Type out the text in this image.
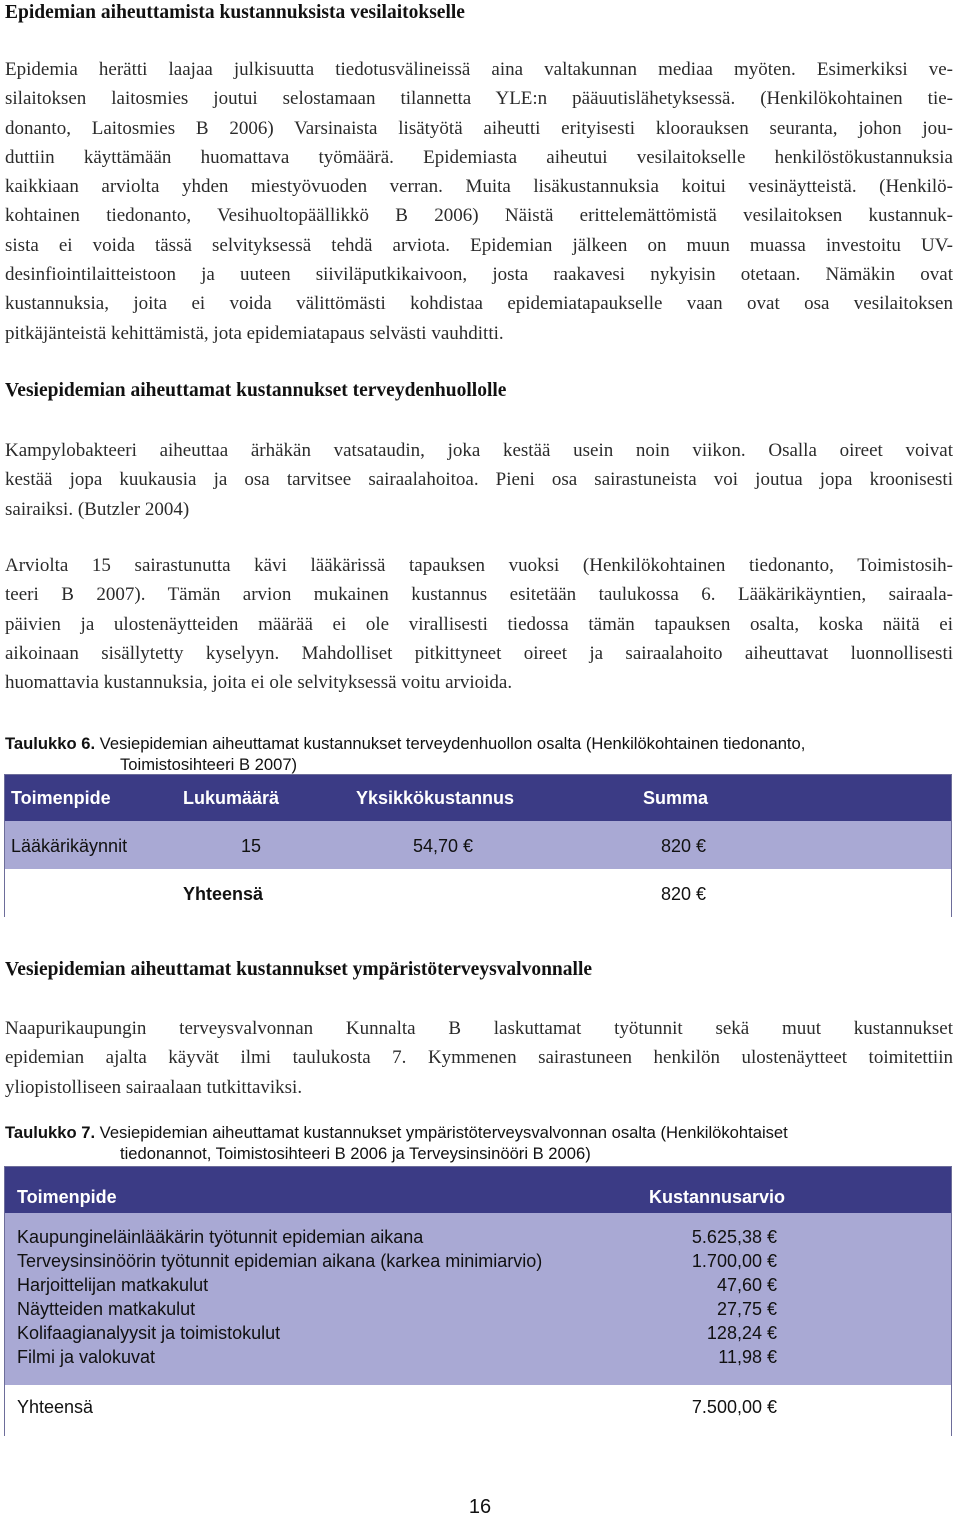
Epidemian aiheuttamista kustannuksista vesilaitokselle
Epidemia herätti laajaa julkisuutta tiedotusvälineissä aina valtakunnan mediaa myöten. Esimerkiksi ve-
silaitoksen laitosmies joutui selostamaan tilannetta YLE:n pääuutislähetyksessä. (Henkilökohtainen tie-
donanto, Laitosmies B 2006) Varsinaista lisätyötä aiheutti erityisesti kloorauksen seuranta, johon jou-
duttiin käyttämään huomattava työmäärä. Epidemiasta aiheutui vesilaitokselle henkilöstökustannuksia
kaikkiaan arviolta yhden miestyövuoden verran. Muita lisäkustannuksia koitui vesinäytteistä. (Henkilö-
kohtainen tiedonanto, Vesihuoltopäällikkö B 2006) Näistä erittelemättömistä vesilaitoksen kustannuk-
sista ei voida tässä selvityksessä tehdä arviota. Epidemian jälkeen on muun muassa investoitu UV-
desinfiointilaitteistoon ja uuteen siiviläputkikaivoon, josta raakavesi nykyisin otetaan. Nämäkin ovat
kustannuksia, joita ei voida välittömästi kohdistaa epidemiatapaukselle vaan ovat osa vesilaitoksen
pitkäjänteistä kehittämistä, jota epidemiatapaus selvästi vauhditti.
Vesiepidemian aiheuttamat kustannukset terveydenhuollolle
Kampylobakteeri aiheuttaa ärhäkän vatsataudin, joka kestää usein noin viikon. Osalla oireet voivat
kestää jopa kuukausia ja osa tarvitsee sairaalahoitoa. Pieni osa sairastuneista voi joutua jopa kroonisesti
sairaiksi. (Butzler 2004)
Arviolta 15 sairastunutta kävi lääkärissä tapauksen vuoksi (Henkilökohtainen tiedonanto, Toimistosih-
teeri B 2007). Tämän arvion mukainen kustannus esitetään taulukossa 6. Lääkärikäyntien, sairaala-
päivien ja ulostenäytteiden määrää ei ole virallisesti tiedossa tämän tapauksen osalta, koska näitä ei
aikoinaan sisällytetty kyselyyn. Mahdolliset pitkittyneet oireet ja sairaalahoito aiheuttavat luonnollisesti
huomattavia kustannuksia, joita ei ole selvityksessä voitu arvioida.
Taulukko 6. Vesiepidemian aiheuttamat kustannukset terveydenhuollon osalta (Henkilökohtainen tiedonanto,
Toimistosihteeri B 2007)
Toimenpide	Lukumäärä	Yksikkökustannus	Summa
Lääkärikäynnit	15	54,70 €	820 €
Yhteensä	820 €
Vesiepidemian aiheuttamat kustannukset ympäristöterveysvalvonnalle
Naapurikaupungin terveysvalvonnan Kunnalta B laskuttamat työtunnit sekä muut kustannukset
epidemian ajalta käyvät ilmi taulukosta 7. Kymmenen sairastuneen henkilön ulostenäytteet toimitettiin
yliopistolliseen sairaalaan tutkittaviksi.
Taulukko 7. Vesiepidemian aiheuttamat kustannukset ympäristöterveysvalvonnan osalta (Henkilökohtaiset
tiedonannot, Toimistosihteeri B 2006 ja Terveysinsinööri B 2006)
Toimenpide	Kustannusarvio
Kaupungineläinlääkärin työtunnit epidemian aikana	5.625,38 €
Terveysinsinöörin työtunnit epidemian aikana (karkea minimiarvio)	1.700,00 €
Harjoittelijan matkakulut	47,60 €
Näytteiden matkakulut	27,75 €
Kolifaagianalyysit ja toimistokulut	128,24 €
Filmi ja valokuvat	11,98 €
Yhteensä	7.500,00 €
16
